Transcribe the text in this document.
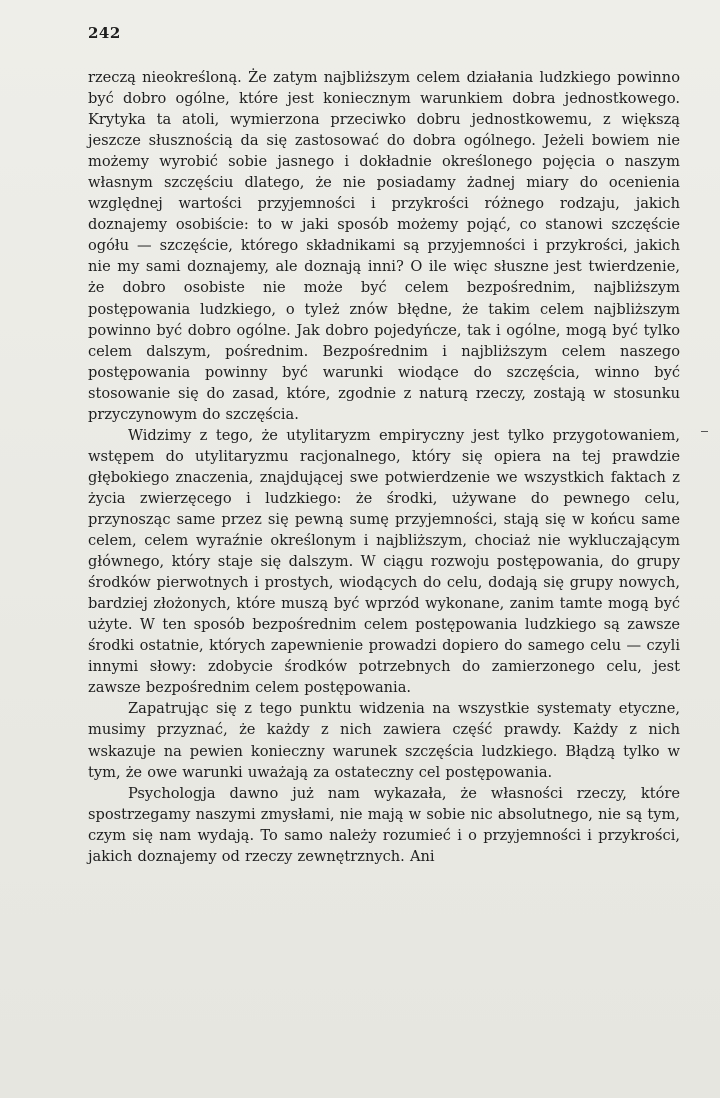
242

rzeczą nieokreśloną. Że zatym najbliższym celem działania ludzkiego powinno być dobro ogólne, które jest koniecznym warunkiem dobra jednostkowego. Krytyka ta atoli, wymierzona przeciwko dobru jednostkowemu, z większą jeszcze słusznością da się zastosować do dobra ogólnego. Jeżeli bowiem nie możemy wyrobić sobie jasnego i dokładnie określonego pojęcia o naszym własnym szczęściu dlatego, że nie posiadamy żadnej miary do ocenienia względnej wartości przyjemności i przykrości różnego rodzaju, jakich doznajemy osobiście: to w jaki sposób możemy pojąć, co stanowi szczęście ogółu — szczęście, którego składnikami są przyjemności i przykrości, jakich nie my sami doznajemy, ale doznają inni? O ile więc słuszne jest twierdzenie, że dobro osobiste nie może być celem bezpośrednim, najbliższym postępowania ludzkiego, o tyleż znów błędne, że takim celem najbliższym powinno być dobro ogólne. Jak dobro pojedyńcze, tak i ogólne, mogą być tylko celem dalszym, pośrednim. Bezpośrednim i najbliższym celem naszego postępowania powinny być warunki wiodące do szczęścia, winno być stosowanie się do zasad, które, zgodnie z naturą rzeczy, zostają w stosunku przyczynowym do szczęścia.

Widzimy z tego, że utylitaryzm empiryczny jest tylko przygotowaniem, wstępem do utylitaryzmu racjonalnego, który się opiera na tej prawdzie głębokiego znaczenia, znajdującej swe potwierdzenie we wszystkich faktach z życia zwierzęcego i ludzkiego: że środki, używane do pewnego celu, przynosząc same przez się pewną sumę przyjemności, stają się w końcu same celem, celem wyraźnie określonym i najbliższym, chociaż nie wykluczającym głównego, który staje się dalszym. W ciągu rozwoju postępowania, do grupy środków pierwotnych i prostych, wiodących do celu, dodają się grupy nowych, bardziej złożonych, które muszą być wprzód wykonane, zanim tamte mogą być użyte. W ten sposób bezpośrednim celem postępowania ludzkiego są zawsze środki ostatnie, których zapewnienie prowadzi dopiero do samego celu — czyli innymi słowy: zdobycie środków potrzebnych do zamierzonego celu, jest zawsze bezpośrednim celem postępowania.

Zapatrując się z tego punktu widzenia na wszystkie systematy etyczne, musimy przyznać, że każdy z nich zawiera część prawdy. Każdy z nich wskazuje na pewien konieczny warunek szczęścia ludzkiego. Błądzą tylko w tym, że owe warunki uważają za ostateczny cel postępowania.

Psychologja dawno już nam wykazała, że własności rzeczy, które spostrzegamy naszymi zmysłami, nie mają w sobie nic absolutnego, nie są tym, czym się nam wydają. To samo należy rozumieć i o przyjemności i przykrości, jakich doznajemy od rzeczy zewnętrznych. Ani
